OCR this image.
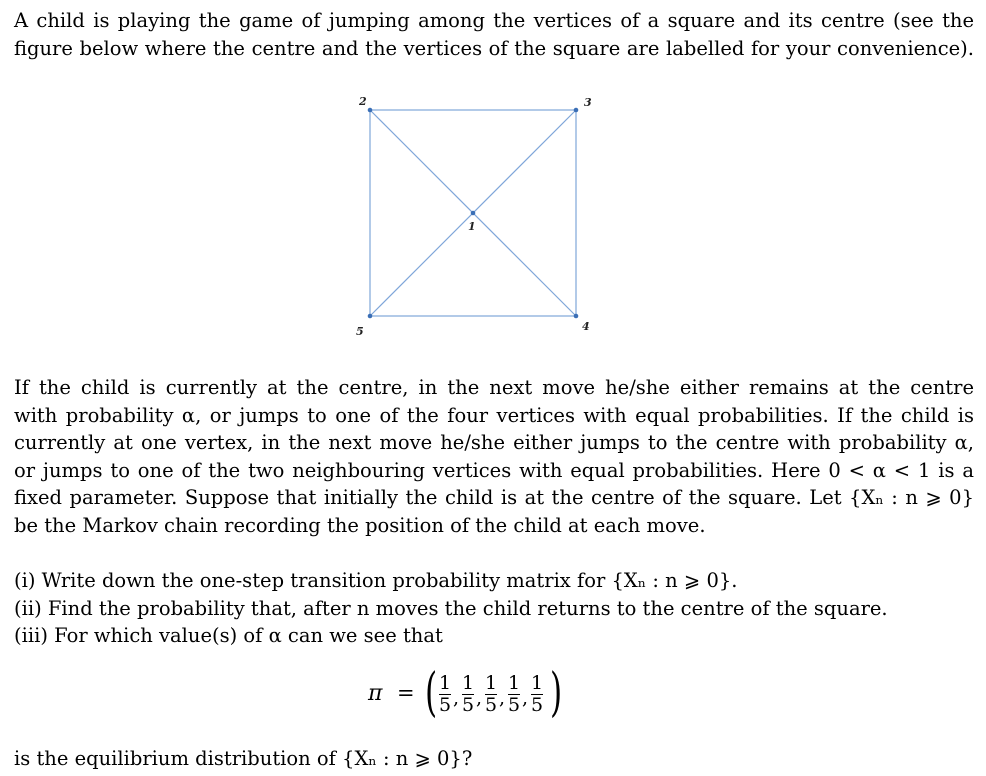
A child is playing the game of jumping among the vertices of a square and its centre (see the
figure below where the centre and the vertices of the square are labelled for your convenience).
1
2	3
4
5
If the child is currently at the centre, in the next move he/she either remains at the centre
with probability α, or jumps to one of the four vertices with equal probabilities. If the child is
currently at one vertex, in the next move he/she either jumps to the centre with probability α,
or jumps to one of the two neighbouring vertices with equal probabilities. Here 0 < α < 1 is a
fixed parameter. Suppose that initially the child is at the centre of the square. Let {Xₙ : n ⩾ 0}
be the Markov chain recording the position of the child at each move.
(i) Write down the one-step transition probability matrix for {Xₙ : n ⩾ 0}.
(ii) Find the probability that, after n moves the child returns to the centre of the square.
(iii) For which value(s) of α can we see that
π = ( 1
5 ,
1
5 ,
1
5 ,
1
5 ,
1
5 )
is the equilibrium distribution of {Xₙ : n ⩾ 0}?
